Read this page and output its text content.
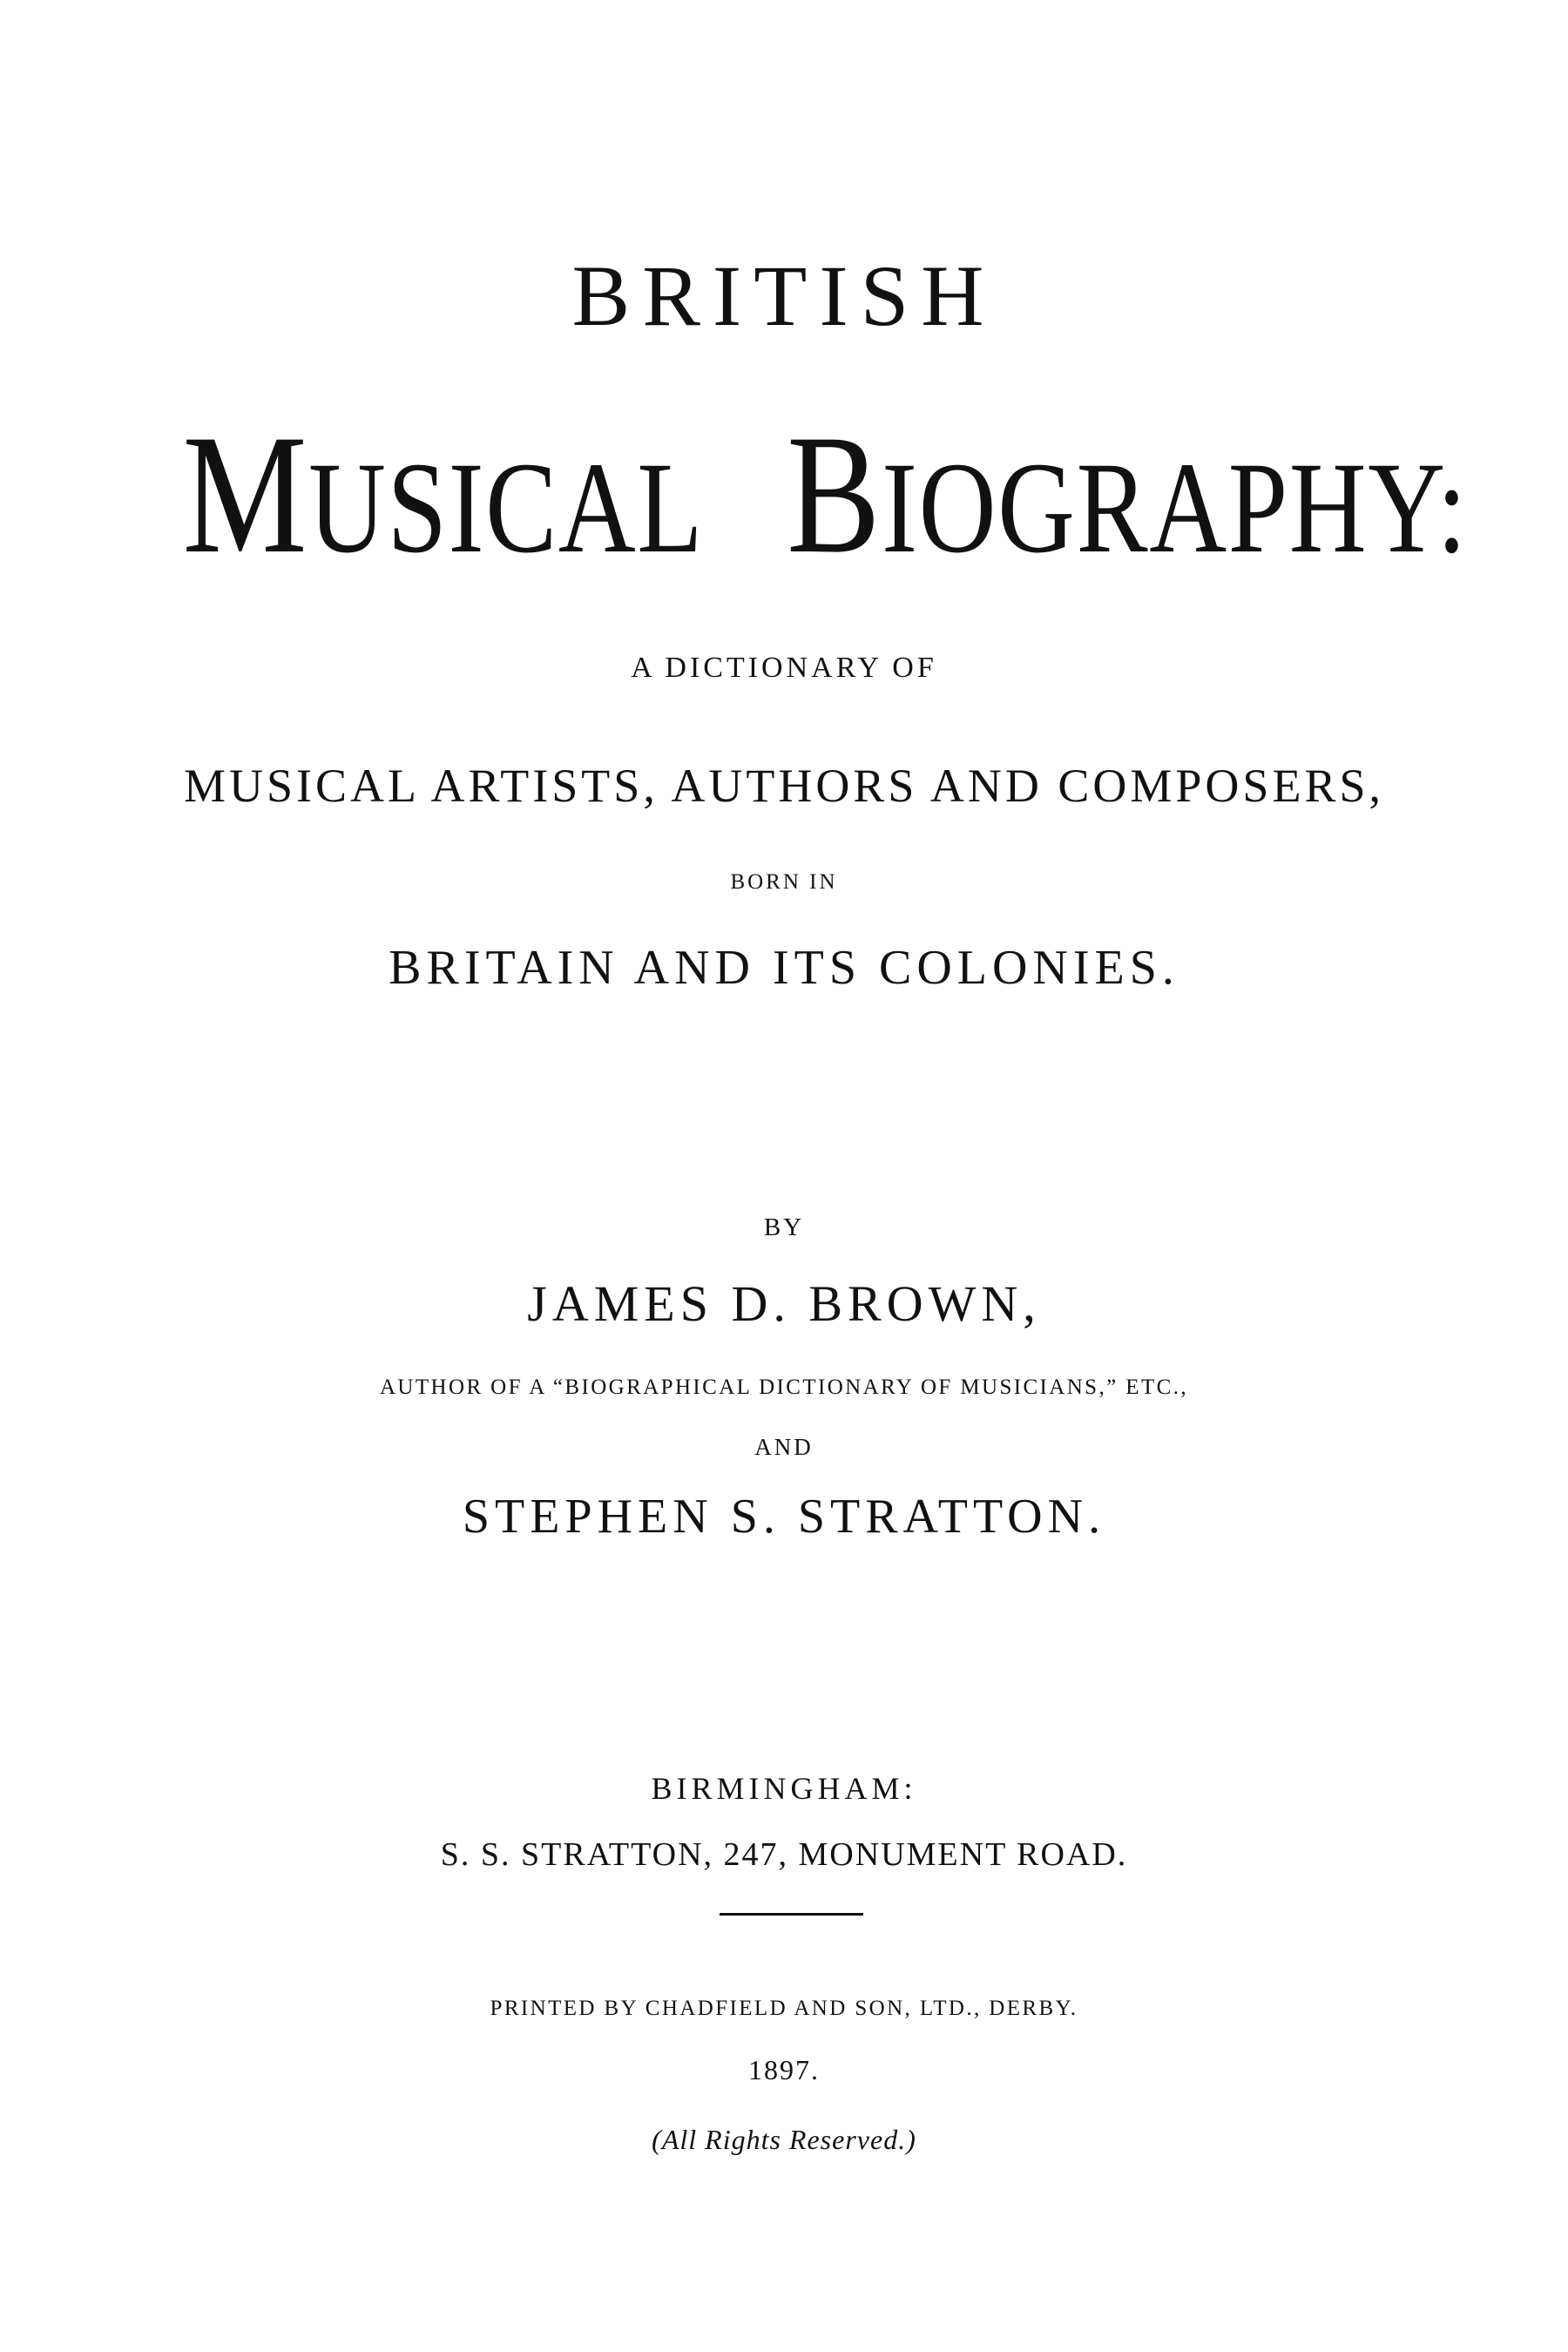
BRITISH
MUSICAL BIOGRAPHY:
A DICTIONARY OF
MUSICAL ARTISTS, AUTHORS AND COMPOSERS,
BORN IN
BRITAIN AND ITS COLONIES.
BY
JAMES D. BROWN,
AUTHOR OF A “BIOGRAPHICAL DICTIONARY OF MUSICIANS,” ETC.,
AND
STEPHEN S. STRATTON.
BIRMINGHAM:
S. S. STRATTON, 247, MONUMENT ROAD.
PRINTED BY CHADFIELD AND SON, LTD., DERBY.
1897.
(All Rights Reserved.)
